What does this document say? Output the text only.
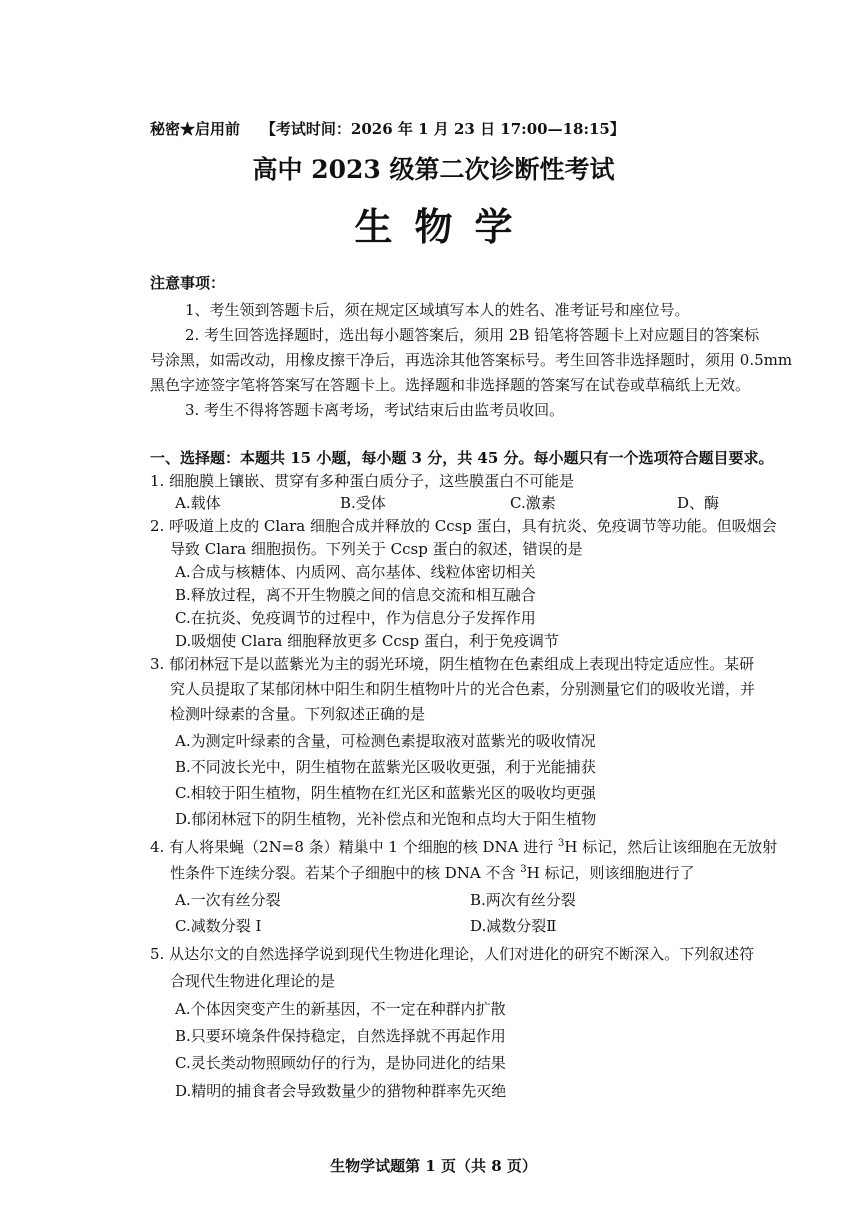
秘密★启用前 【考试时间：2026 年 1 月 23 日 17:00—18:15】
高中 2023 级第二次诊断性考试
生物学
注意事项：
1、考生领到答题卡后，须在规定区域填写本人的姓名、准考证号和座位号。
2. 考生回答选择题时，选出每小题答案后，须用 2B 铅笔将答题卡上对应题目的答案标
号涂黑，如需改动，用橡皮擦干净后，再选涂其他答案标号。考生回答非选择题时，须用 0.5mm
黑色字迹签字笔将答案写在答题卡上。选择题和非选择题的答案写在试卷或草稿纸上无效。
3. 考生不得将答题卡离考场，考试结束后由监考员收回。
一、选择题：本题共 15 小题，每小题 3 分，共 45 分。每小题只有一个选项符合题目要求。
1. 细胞膜上镶嵌、贯穿有多种蛋白质分子，这些膜蛋白不可能是
A.载体	B.受体	C.激素	D、酶
2. 呼吸道上皮的 Clara 细胞合成并释放的 Ccsp 蛋白，具有抗炎、免疫调节等功能。但吸烟会
导致 Clara 细胞损伤。下列关于 Ccsp 蛋白的叙述，错误的是
A.合成与核糖体、内质网、高尔基体、线粒体密切相关
B.释放过程，离不开生物膜之间的信息交流和相互融合
C.在抗炎、免疫调节的过程中，作为信息分子发挥作用
D.吸烟使 Clara 细胞释放更多 Ccsp 蛋白，利于免疫调节
3. 郁闭林冠下是以蓝紫光为主的弱光环境，阴生植物在色素组成上表现出特定适应性。某研
究人员提取了某郁闭林中阳生和阴生植物叶片的光合色素，分别测量它们的吸收光谱，并
检测叶绿素的含量。下列叙述正确的是
A.为测定叶绿素的含量，可检测色素提取液对蓝紫光的吸收情况
B.不同波长光中，阴生植物在蓝紫光区吸收更强，利于光能捕获
C.相较于阳生植物，阴生植物在红光区和蓝紫光区的吸收均更强
D.郁闭林冠下的阴生植物，光补偿点和光饱和点均大于阳生植物
4. 有人将果蝇（2N=8 条）精巢中 1 个细胞的核 DNA 进行 $^3$H 标记，然后让该细胞在无放射
性条件下连续分裂。若某个子细胞中的核 DNA 不含 $^3$H 标记，则该细胞进行了
A.一次有丝分裂	B.两次有丝分裂
C.减数分裂 Ⅰ	D.减数分裂Ⅱ
5. 从达尔文的自然选择学说到现代生物进化理论，人们对进化的研究不断深入。下列叙述符
合现代生物进化理论的是
A.个体因突变产生的新基因，不一定在种群内扩散
B.只要环境条件保持稳定，自然选择就不再起作用
C.灵长类动物照顾幼仔的行为，是协同进化的结果
D.精明的捕食者会导致数量少的猎物种群率先灭绝
生物学试题第 1 页（共 8 页）
